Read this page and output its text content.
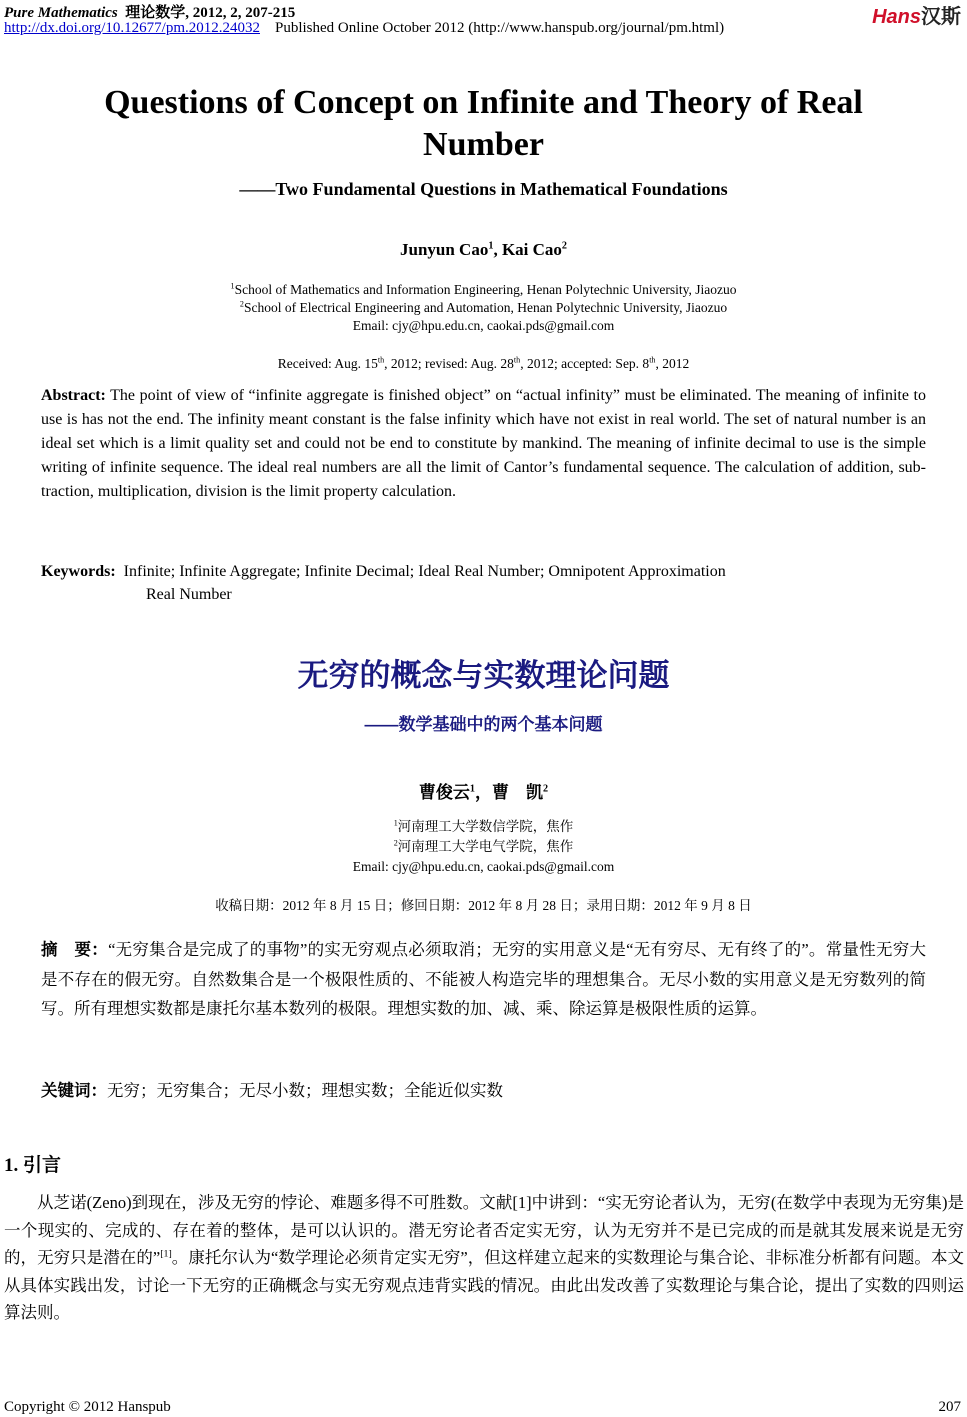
Pure Mathematics 理论数学, 2012, 2, 207-215
http://dx.doi.org/10.12677/pm.2012.24032 Published Online October 2012 (http://www.hanspub.org/journal/pm.html)	Hans汉斯
Questions of Concept on Infinite and Theory of Real
Number
——Two Fundamental Questions in Mathematical Foundations
Junyun Cao$^1$, Kai Cao$^2$
$^1$School of Mathematics and Information Engineering, Henan Polytechnic University, Jiaozuo
$^2$School of Electrical Engineering and Automation, Henan Polytechnic University, Jiaozuo
Email: cjy@hpu.edu.cn, caokai.pds@gmail.com
Received: Aug. 15th, 2012; revised: Aug. 28th, 2012; accepted: Sep. 8th, 2012
Abstract: The point of view of “infinite aggregate is finished object” on “actual infinity” must be eliminated. The meaning of infinite to use is has not the end. The infinity meant constant is the false infinity which have not exist in real world. The set of natural number is an ideal set which is a limit quality set and could not be end to constitute by mankind. The meaning of infinite decimal to use is the simple writing of infinite sequence. The ideal real numbers are all the limit of Cantor’s fundamental sequence. The calculation of addition, sub-traction, multiplication, division is the limit property calculation.
Keywords: Infinite; Infinite Aggregate; Infinite Decimal; Ideal Real Number; Omnipotent Approximation
Real Number
无穷的概念与实数理论问题
——数学基础中的两个基本问题
曹俊云$^1$，曹　凯$^2$
$^1$河南理工大学数信学院，焦作
$^2$河南理工大学电气学院，焦作
Email: cjy@hpu.edu.cn, caokai.pds@gmail.com
收稿日期：2012 年 8 月 15 日；修回日期：2012 年 8 月 28 日；录用日期：2012 年 9 月 8 日
摘　要：“无穷集合是完成了的事物”的实无穷观点必须取消；无穷的实用意义是“无有穷尽、无有终了的”。常量性无穷大是不存在的假无穷。自然数集合是一个极限性质的、不能被人构造完毕的理想集合。无尽小数的实用意义是无穷数列的简写。所有理想实数都是康托尔基本数列的极限。理想实数的加、减、乘、除运算是极限性质的运算。
关键词：无穷；无穷集合；无尽小数；理想实数；全能近似实数
1. 引言
从芝诺(Zeno)到现在，涉及无穷的悖论、难题多得不可胜数。文献[1]中讲到：“实无穷论者认为，无穷(在数学中表现为无穷集)是一个现实的、完成的、存在着的整体，是可以认识的。潜无穷论者否定实无穷，认为无穷并不是已完成的而是就其发展来说是无穷的，无穷只是潜在的”[1]。康托尔认为“数学理论必须肯定实无穷”，但这样建立起来的实数理论与集合论、非标准分析都有问题。本文从具体实践出发，讨论一下无穷的正确概念与实无穷观点违背实践的情况。由此出发改善了实数理论与集合论，提出了实数的四则运算法则。
Copyright © 2012 Hanspub	207
